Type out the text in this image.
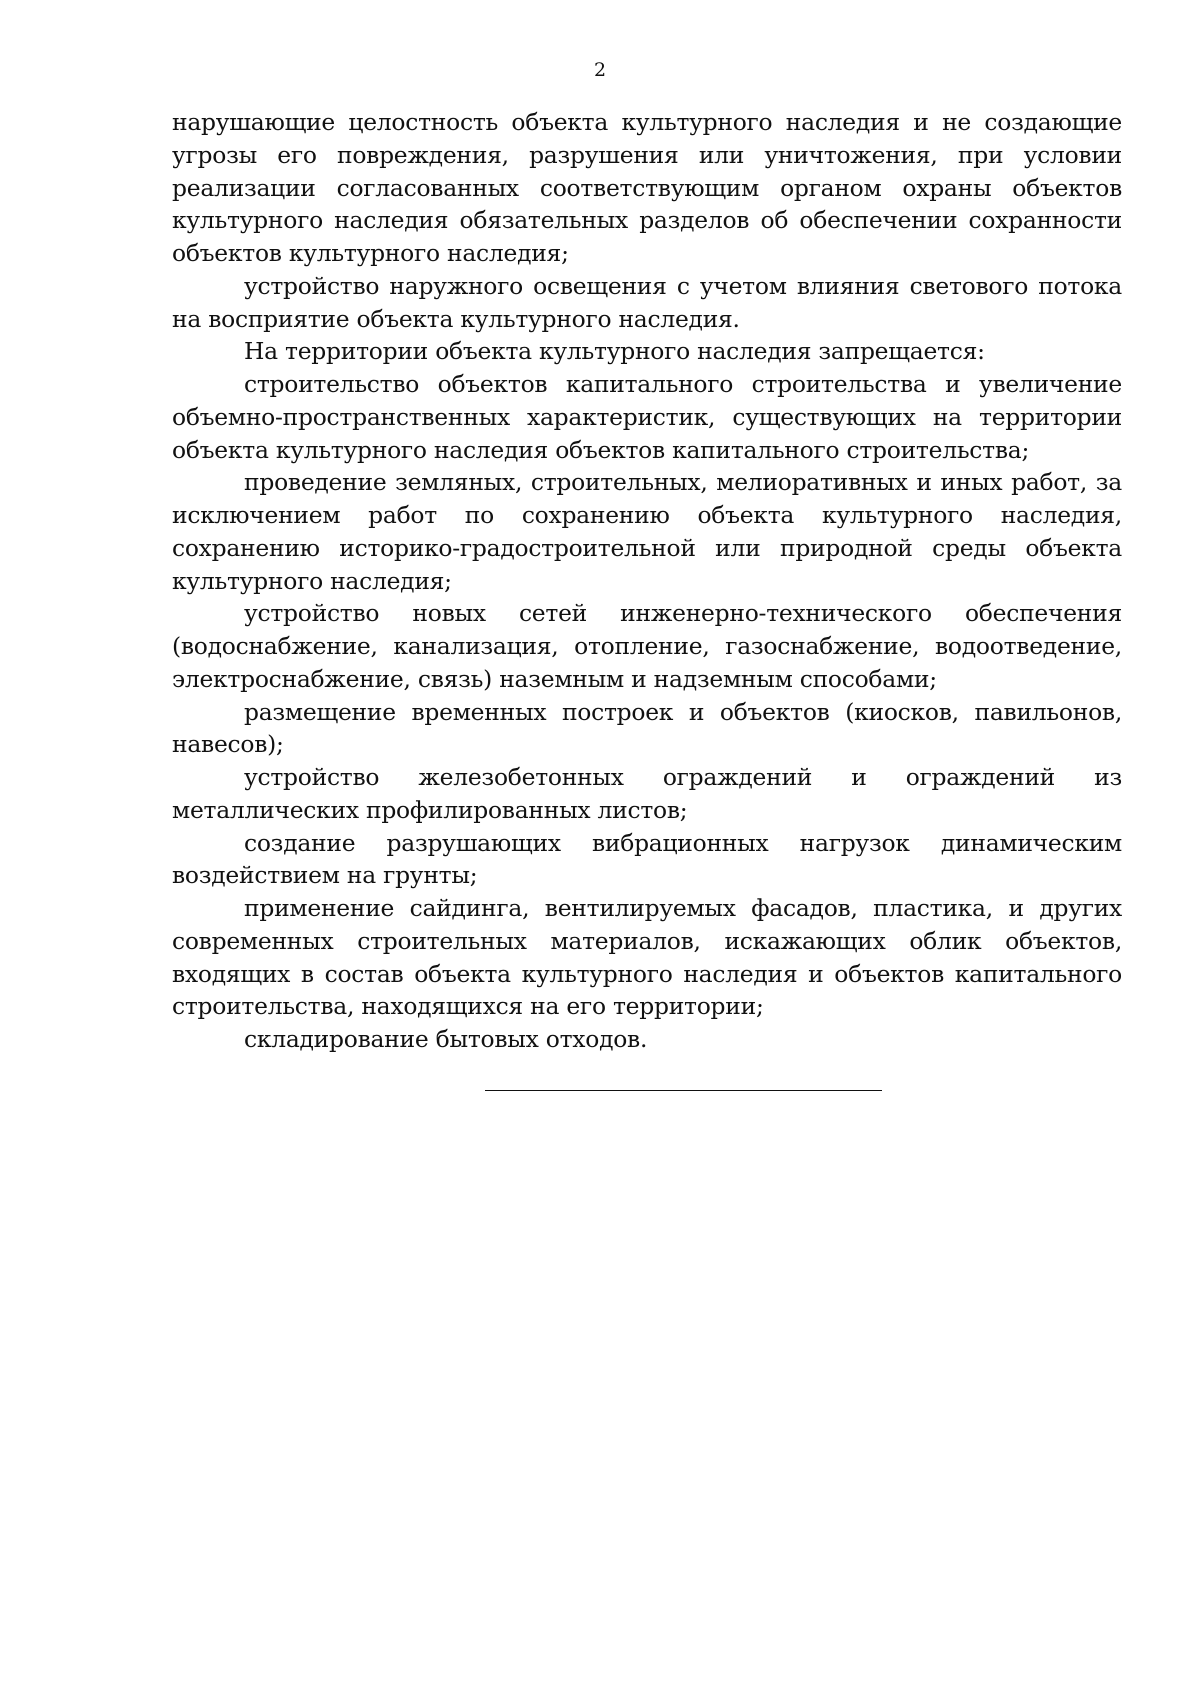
2

нарушающие целостность объекта культурного наследия и не создающие угрозы его повреждения, разрушения или уничтожения, при условии реализации согласованных соответствующим органом охраны объектов культурного наследия обязательных разделов об обеспечении сохранности объектов культурного наследия;

устройство наружного освещения с учетом влияния светового потока на восприятие объекта культурного наследия.

На территории объекта культурного наследия запрещается:

строительство объектов капитального строительства и увеличение объемно-пространственных характеристик, существующих на территории объекта культурного наследия объектов капитального строительства;

проведение земляных, строительных, мелиоративных и иных работ, за исключением работ по сохранению объекта культурного наследия, сохранению историко-градостроительной или природной среды объекта культурного наследия;

устройство новых сетей инженерно-технического обеспечения (водоснабжение, канализация, отопление, газоснабжение, водоотведение, электроснабжение, связь) наземным и надземным способами;

размещение временных построек и объектов (киосков, павильонов, навесов);

устройство железобетонных ограждений и ограждений из металлических профилированных листов;

создание разрушающих вибрационных нагрузок динамическим воздействием на грунты;

применение сайдинга, вентилируемых фасадов, пластика, и других современных строительных материалов, искажающих облик объектов, входящих в состав объекта культурного наследия и объектов капитального строительства, находящихся на его территории;

складирование бытовых отходов.
